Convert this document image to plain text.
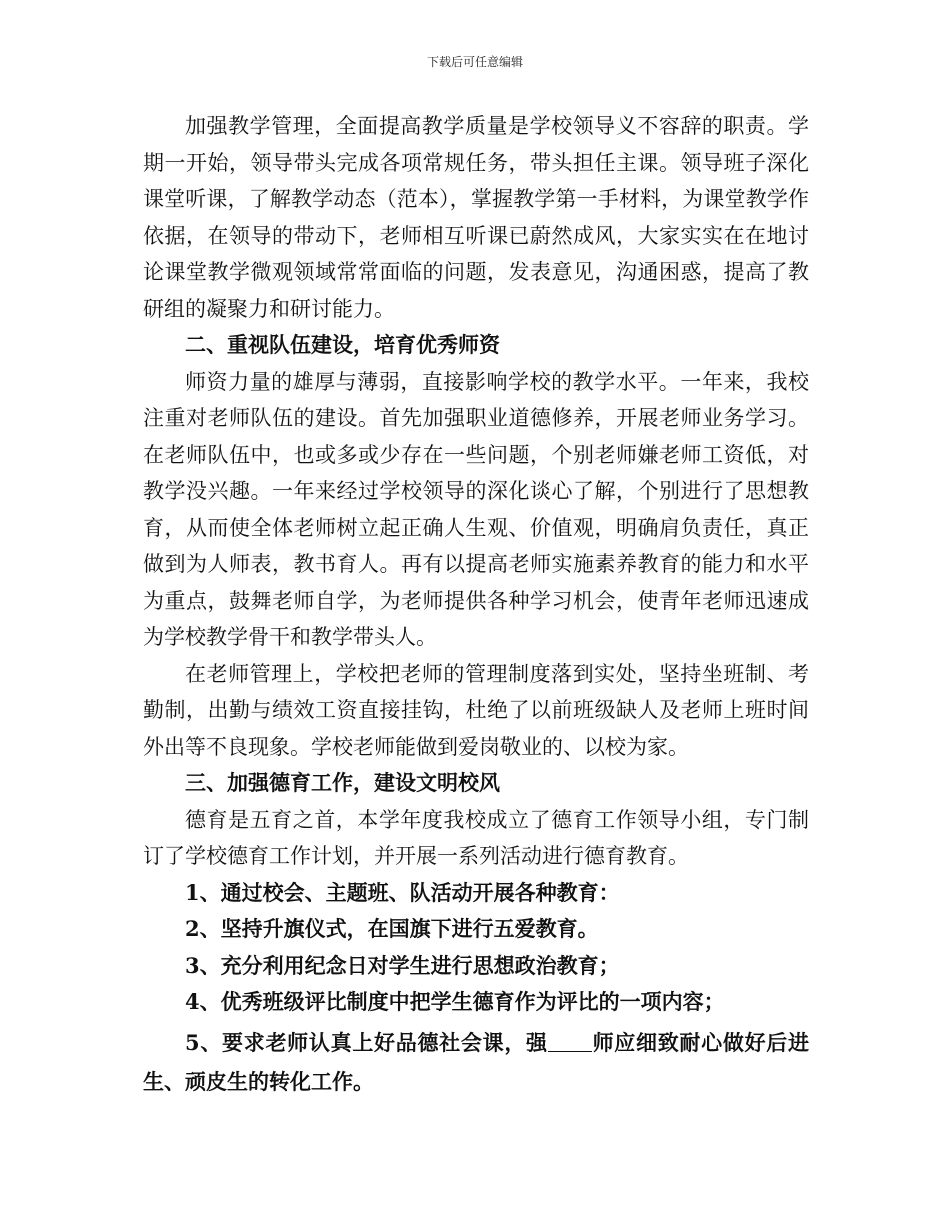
下载后可任意编辑

加强教学管理，全面提高教学质量是学校领导义不容辞的职责。学期一开始，领导带头完成各项常规任务，带头担任主课。领导班子深化课堂听课，了解教学动态（范本），掌握教学第一手材料，为课堂教学作依据，在领导的带动下，老师相互听课已蔚然成风，大家实实在在地讨论课堂教学微观领域常常面临的问题，发表意见，沟通困惑，提高了教研组的凝聚力和研讨能力。

二、重视队伍建设，培育优秀师资

师资力量的雄厚与薄弱，直接影响学校的教学水平。一年来，我校注重对老师队伍的建设。首先加强职业道德修养，开展老师业务学习。在老师队伍中，也或多或少存在一些问题，个别老师嫌老师工资低，对教学没兴趣。一年来经过学校领导的深化谈心了解，个别进行了思想教育，从而使全体老师树立起正确人生观、价值观，明确肩负责任，真正做到为人师表，教书育人。再有以提高老师实施素养教育的能力和水平为重点，鼓舞老师自学，为老师提供各种学习机会，使青年老师迅速成为学校教学骨干和教学带头人。

在老师管理上，学校把老师的管理制度落到实处，坚持坐班制、考勤制，出勤与绩效工资直接挂钩，杜绝了以前班级缺人及老师上班时间外出等不良现象。学校老师能做到爱岗敬业的、以校为家。

三、加强德育工作，建设文明校风

德育是五育之首，本学年度我校成立了德育工作领导小组，专门制订了学校德育工作计划，并开展一系列活动进行德育教育。

1、通过校会、主题班、队活动开展各种教育：

2、坚持升旗仪式，在国旗下进行五爱教育。

3、充分利用纪念日对学生进行思想政治教育；

4、优秀班级评比制度中把学生德育作为评比的一项内容；

5、要求老师认真上好品德社会课，强 师应细致耐心做好后进生、顽皮生的转化工作。
